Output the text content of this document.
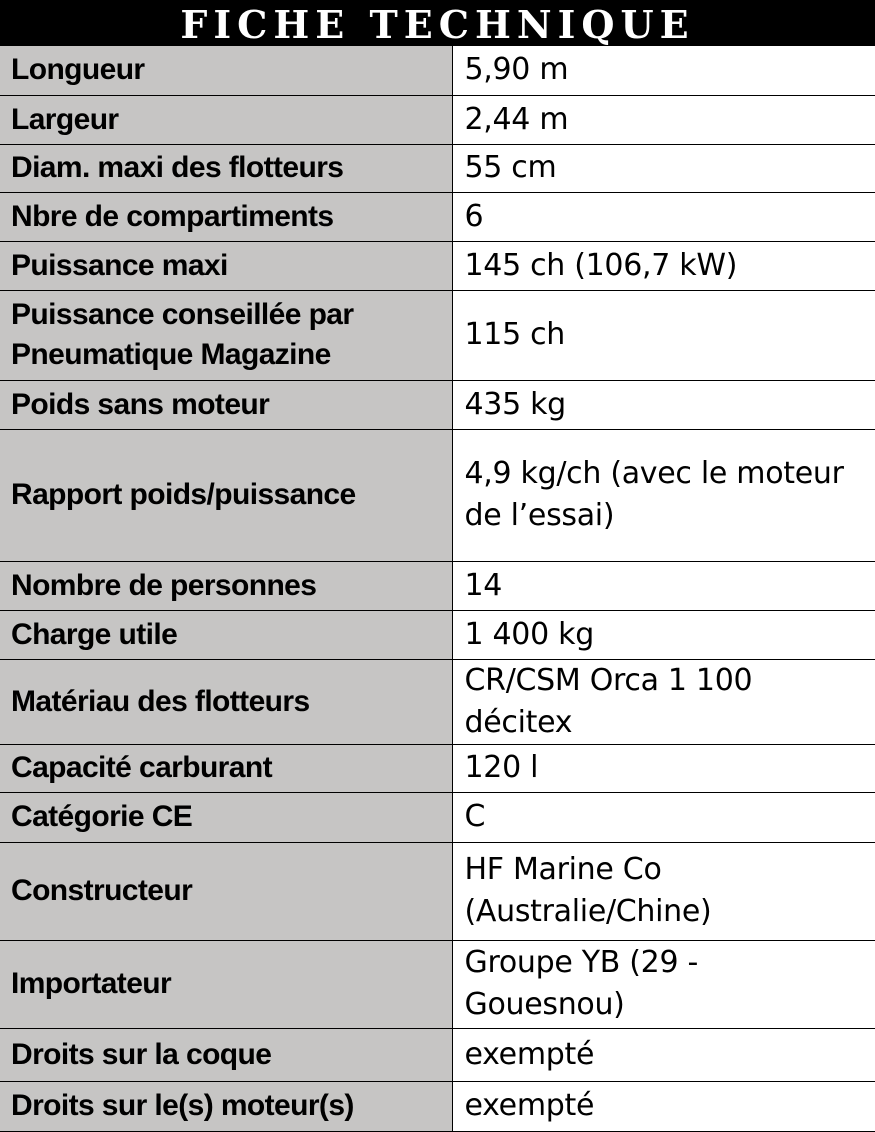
FICHE TECHNIQUE
Longueur	5,90 m
Largeur	2,44 m
Diam. maxi des flotteurs	55 cm
Nbre de compartiments	6
Puissance maxi	145 ch (106,7 kW)
Puissance conseillée par Pneumatique Magazine	115 ch
Poids sans moteur	435 kg
Rapport poids/puissance	4,9 kg/ch (avec le moteur de l’essai)
Nombre de personnes	14
Charge utile	1 400 kg
Matériau des flotteurs	CR/CSM Orca 1 100 décitex
Capacité carburant	120 l
Catégorie CE	C
Constructeur	HF Marine Co (Australie/Chine)
Importateur	Groupe YB (29 - Gouesnou)
Droits sur la coque	exempté
Droits sur le(s) moteur(s)	exempté
